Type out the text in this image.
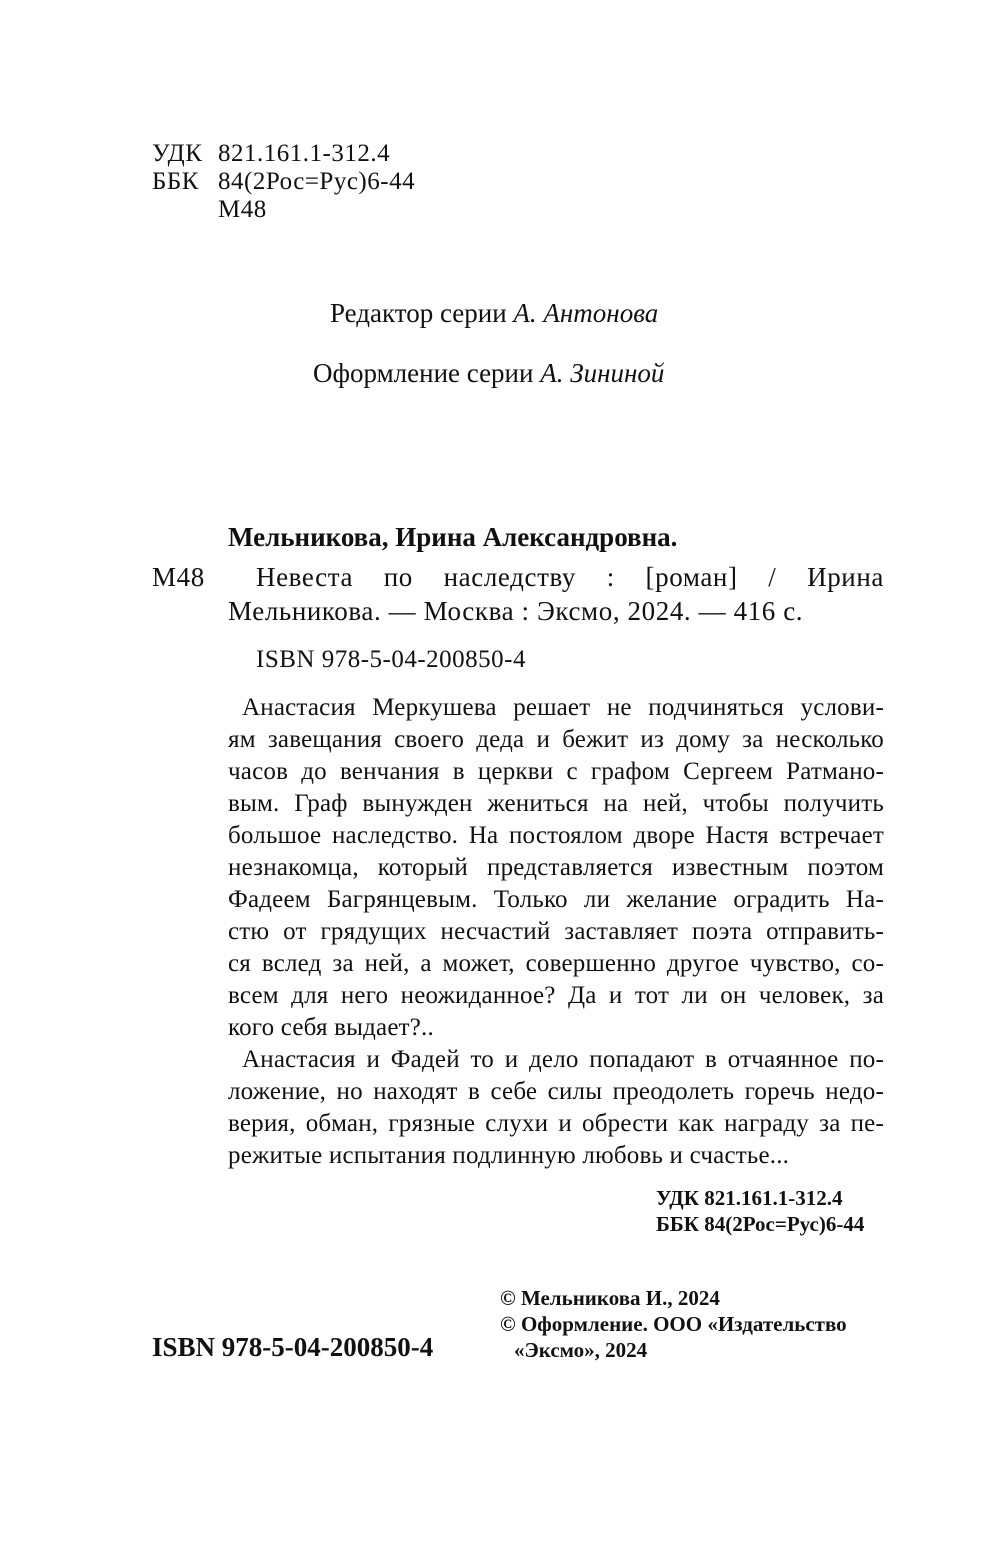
УДК 821.161.1-312.4
ББК 84(2Рос=Рус)6-44
М48
Редактор серии А. Антонова
Оформление серии А. Зининой
Мельникова, Ирина Александровна.
М48 Невеста по наследству : [роман] / Ирина
Мельникова. — Москва : Эксмо, 2024. — 416 с.
ISBN 978-5-04-200850-4
Анастасия Меркушева решает не подчиняться услови-
ям завещания своего деда и бежит из дому за несколько
часов до венчания в церкви с графом Сергеем Ратмано-
вым. Граф вынужден жениться на ней, чтобы получить
большое наследство. На постоялом дворе Настя встречает
незнакомца, который представляется известным поэтом
Фадеем Багрянцевым. Только ли желание оградить На-
стю от грядущих несчастий заставляет поэта отправить-
ся вслед за ней, а может, совершенно другое чувство, со-
всем для него неожиданное? Да и тот ли он человек, за
кого себя выдает?..
Анастасия и Фадей то и дело попадают в отчаянное по-
ложение, но находят в себе силы преодолеть горечь недо-
верия, обман, грязные слухи и обрести как награду за пе-
режитые испытания подлинную любовь и счастье...
УДК 821.161.1-312.4
ББК 84(2Рос=Рус)6-44
© Мельникова И., 2024
© Оформление. ООО «Издательство
«Эксмо», 2024
ISBN 978-5-04-200850-4
